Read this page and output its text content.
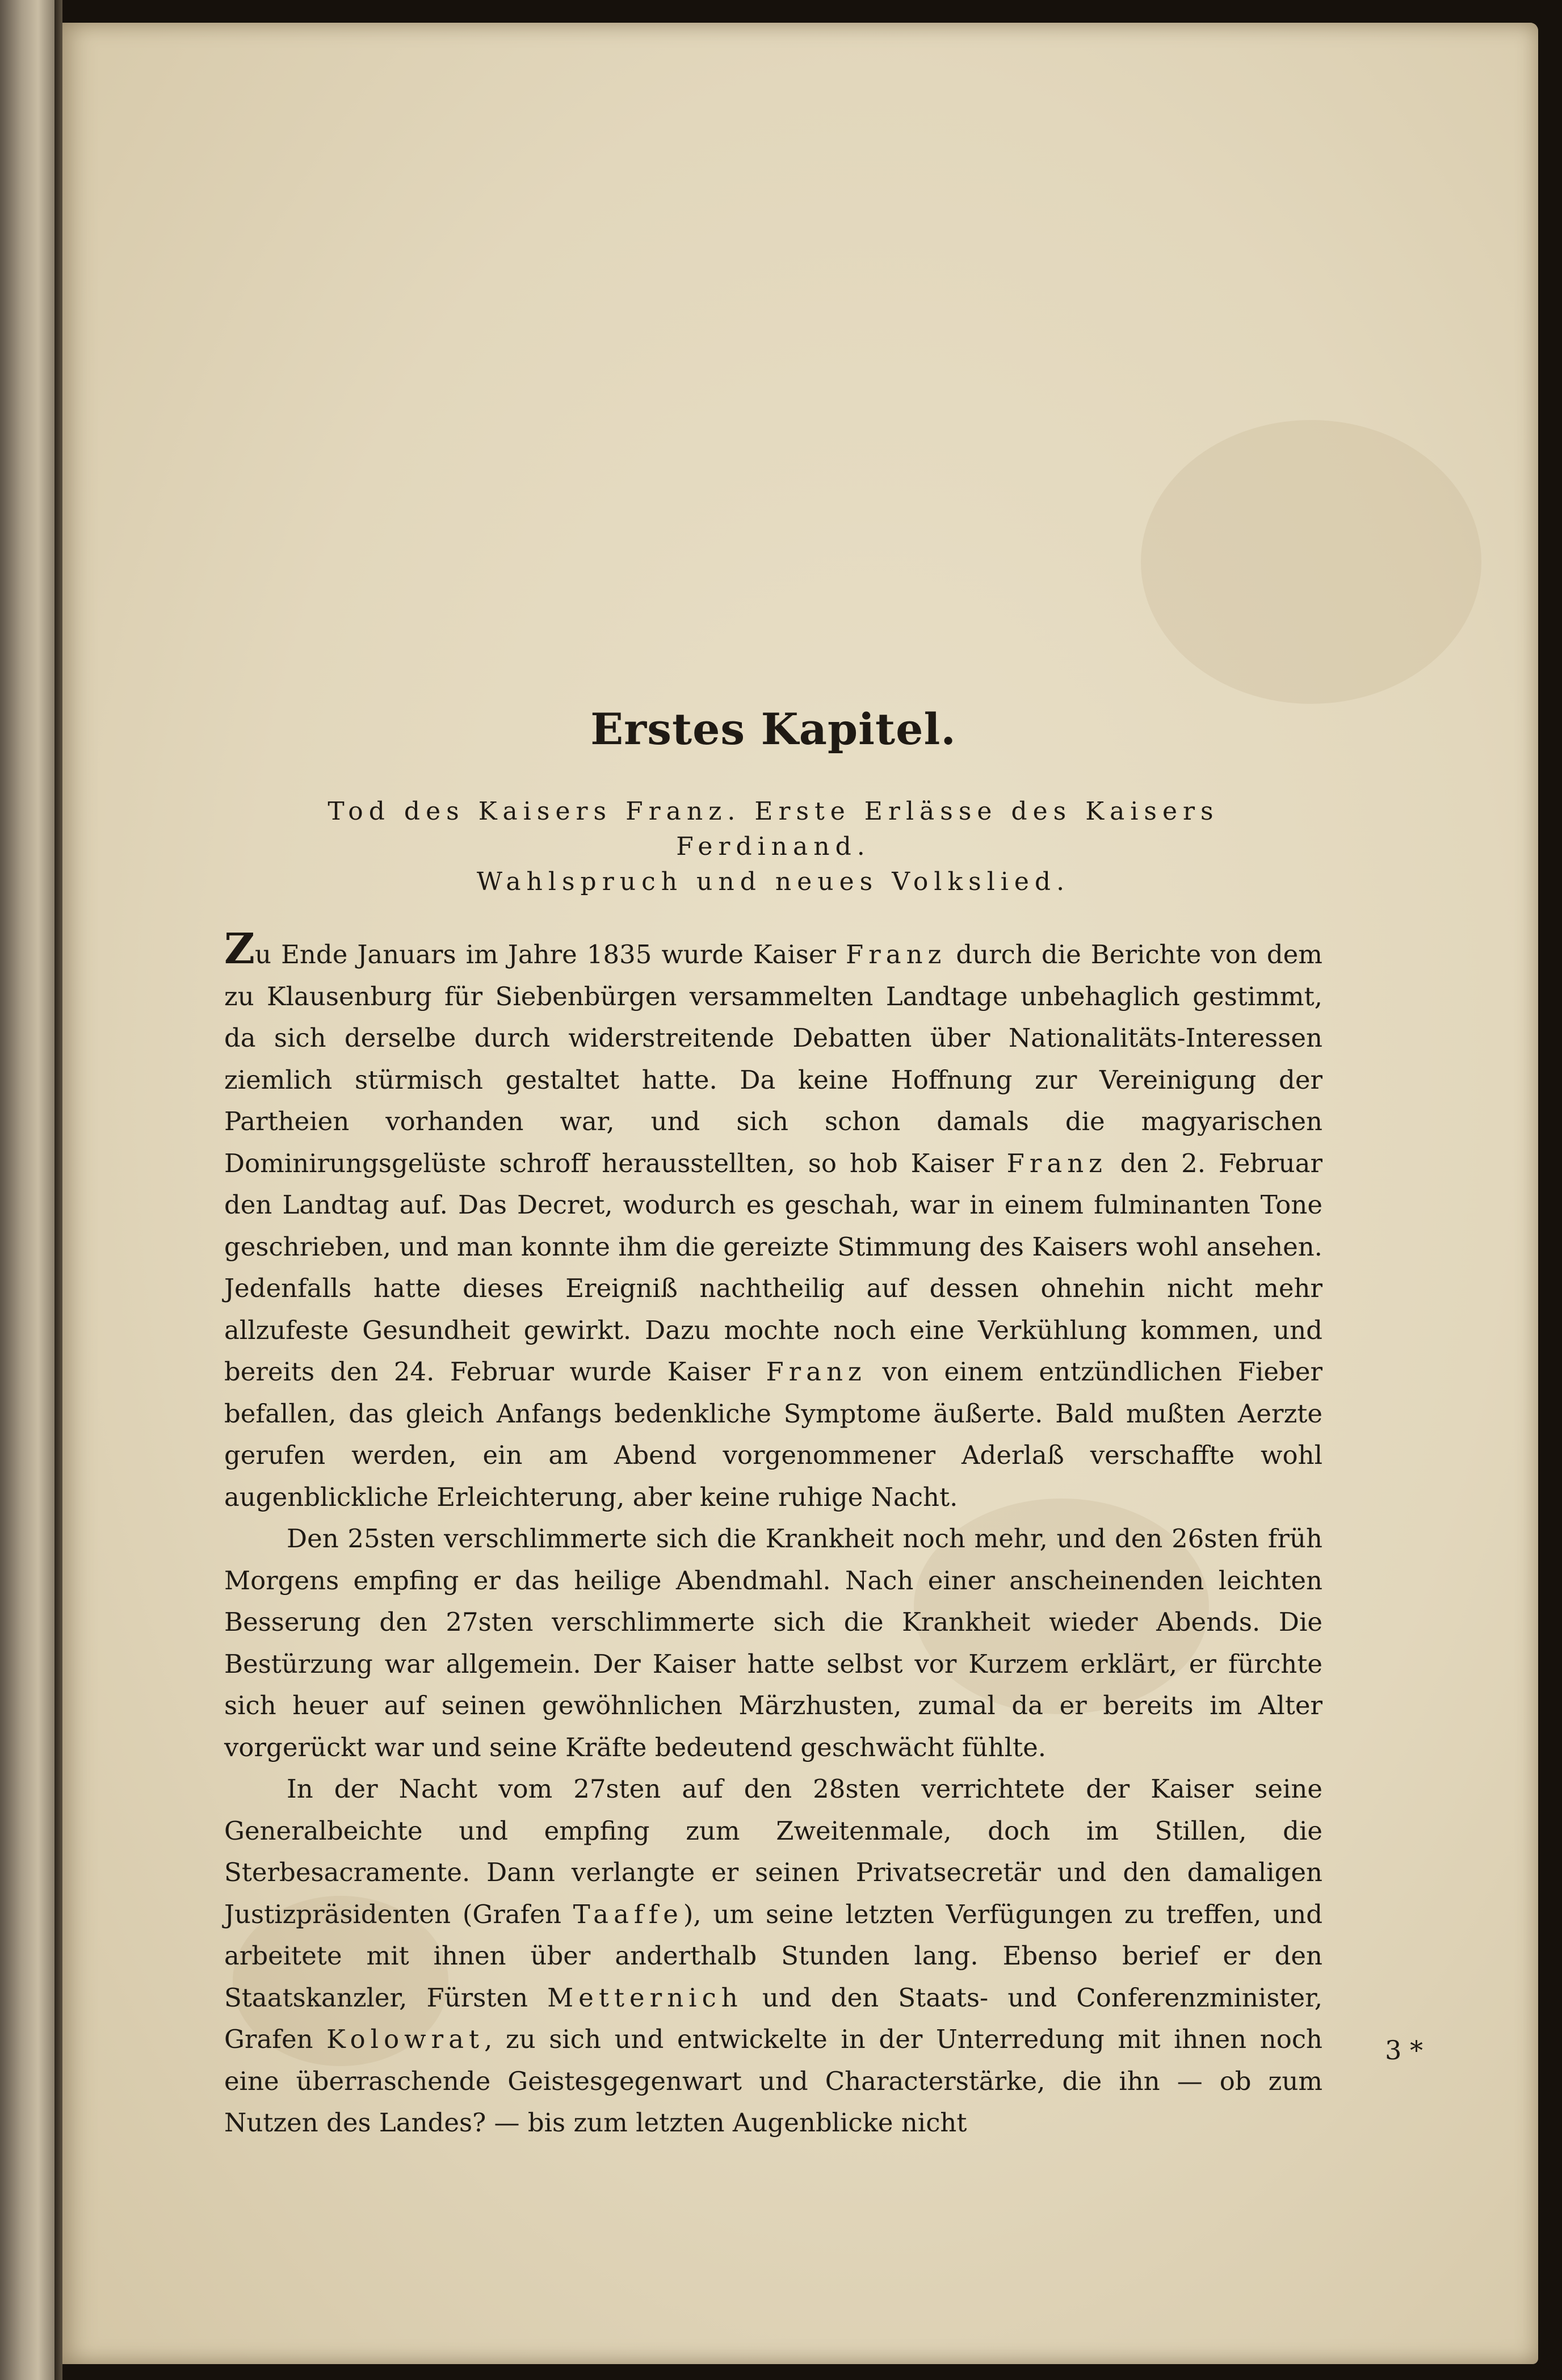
Erstes Kapitel.
Tod des Kaisers Franz. Erste Erlässe des Kaisers Ferdinand.
Wahlspruch und neues Volkslied.

Zu Ende Januars im Jahre 1835 wurde Kaiser Franz durch die Berichte von dem zu Klausenburg für Siebenbürgen versammelten Landtage unbehaglich gestimmt, da sich derselbe durch widerstreitende Debatten über Nationalitäts-Interessen ziemlich stürmisch gestaltet hatte. Da keine Hoffnung zur Vereinigung der Partheien vorhanden war, und sich schon damals die magyarischen Dominirungsgelüste schroff herausstellten, so hob Kaiser Franz den 2. Februar den Landtag auf. Das Decret, wodurch es geschah, war in einem fulminanten Tone geschrieben, und man konnte ihm die gereizte Stimmung des Kaisers wohl ansehen. Jedenfalls hatte dieses Ereigniß nachtheilig auf dessen ohnehin nicht mehr allzufeste Gesundheit gewirkt. Dazu mochte noch eine Verkühlung kommen, und bereits den 24. Februar wurde Kaiser Franz von einem entzündlichen Fieber befallen, das gleich Anfangs bedenkliche Symptome äußerte. Bald mußten Aerzte gerufen werden, ein am Abend vorgenommener Aderlaß verschaffte wohl augenblickliche Erleichterung, aber keine ruhige Nacht.

Den 25sten verschlimmerte sich die Krankheit noch mehr, und den 26sten früh Morgens empfing er das heilige Abendmahl. Nach einer anscheinenden leichten Besserung den 27sten verschlimmerte sich die Krankheit wieder Abends. Die Bestürzung war allgemein. Der Kaiser hatte selbst vor Kurzem erklärt, er fürchte sich heuer auf seinen gewöhnlichen Märzhusten, zumal da er bereits im Alter vorgerückt war und seine Kräfte bedeutend geschwächt fühlte.

In der Nacht vom 27sten auf den 28sten verrichtete der Kaiser seine Generalbeichte und empfing zum Zweitenmale, doch im Stillen, die Sterbesacramente. Dann verlangte er seinen Privatsecretär und den damaligen Justizpräsidenten (Grafen Taaffe), um seine letzten Verfügungen zu treffen, und arbeitete mit ihnen über anderthalb Stunden lang. Ebenso berief er den Staatskanzler, Fürsten Metternich und den Staats- und Conferenzminister, Grafen Kolowrat, zu sich und entwickelte in der Unterredung mit ihnen noch eine überraschende Geistesgegenwart und Characterstärke, die ihn — ob zum Nutzen des Landes? — bis zum letzten Augenblicke nicht

3 *
